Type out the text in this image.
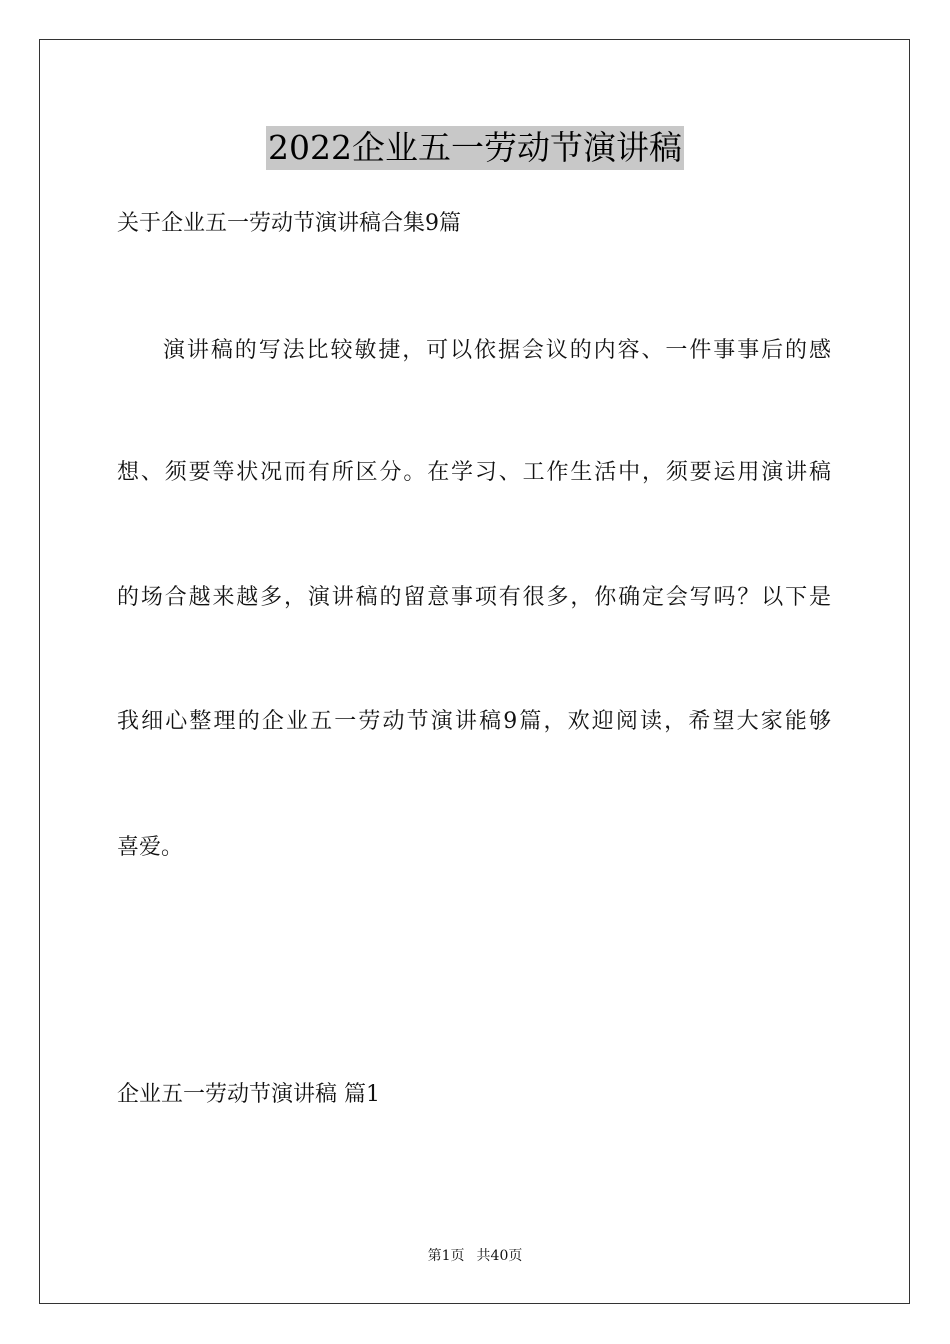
2022企业五一劳动节演讲稿
关于企业五一劳动节演讲稿合集9篇
演讲稿的写法比较敏捷，可以依据会议的内容、一件事事后的感
想、须要等状况而有所区分。在学习、工作生活中，须要运用演讲稿
的场合越来越多，演讲稿的留意事项有很多，你确定会写吗？以下是
我细心整理的企业五一劳动节演讲稿9篇，欢迎阅读，希望大家能够
喜爱。
企业五一劳动节演讲稿 篇1
第1页 共40页
